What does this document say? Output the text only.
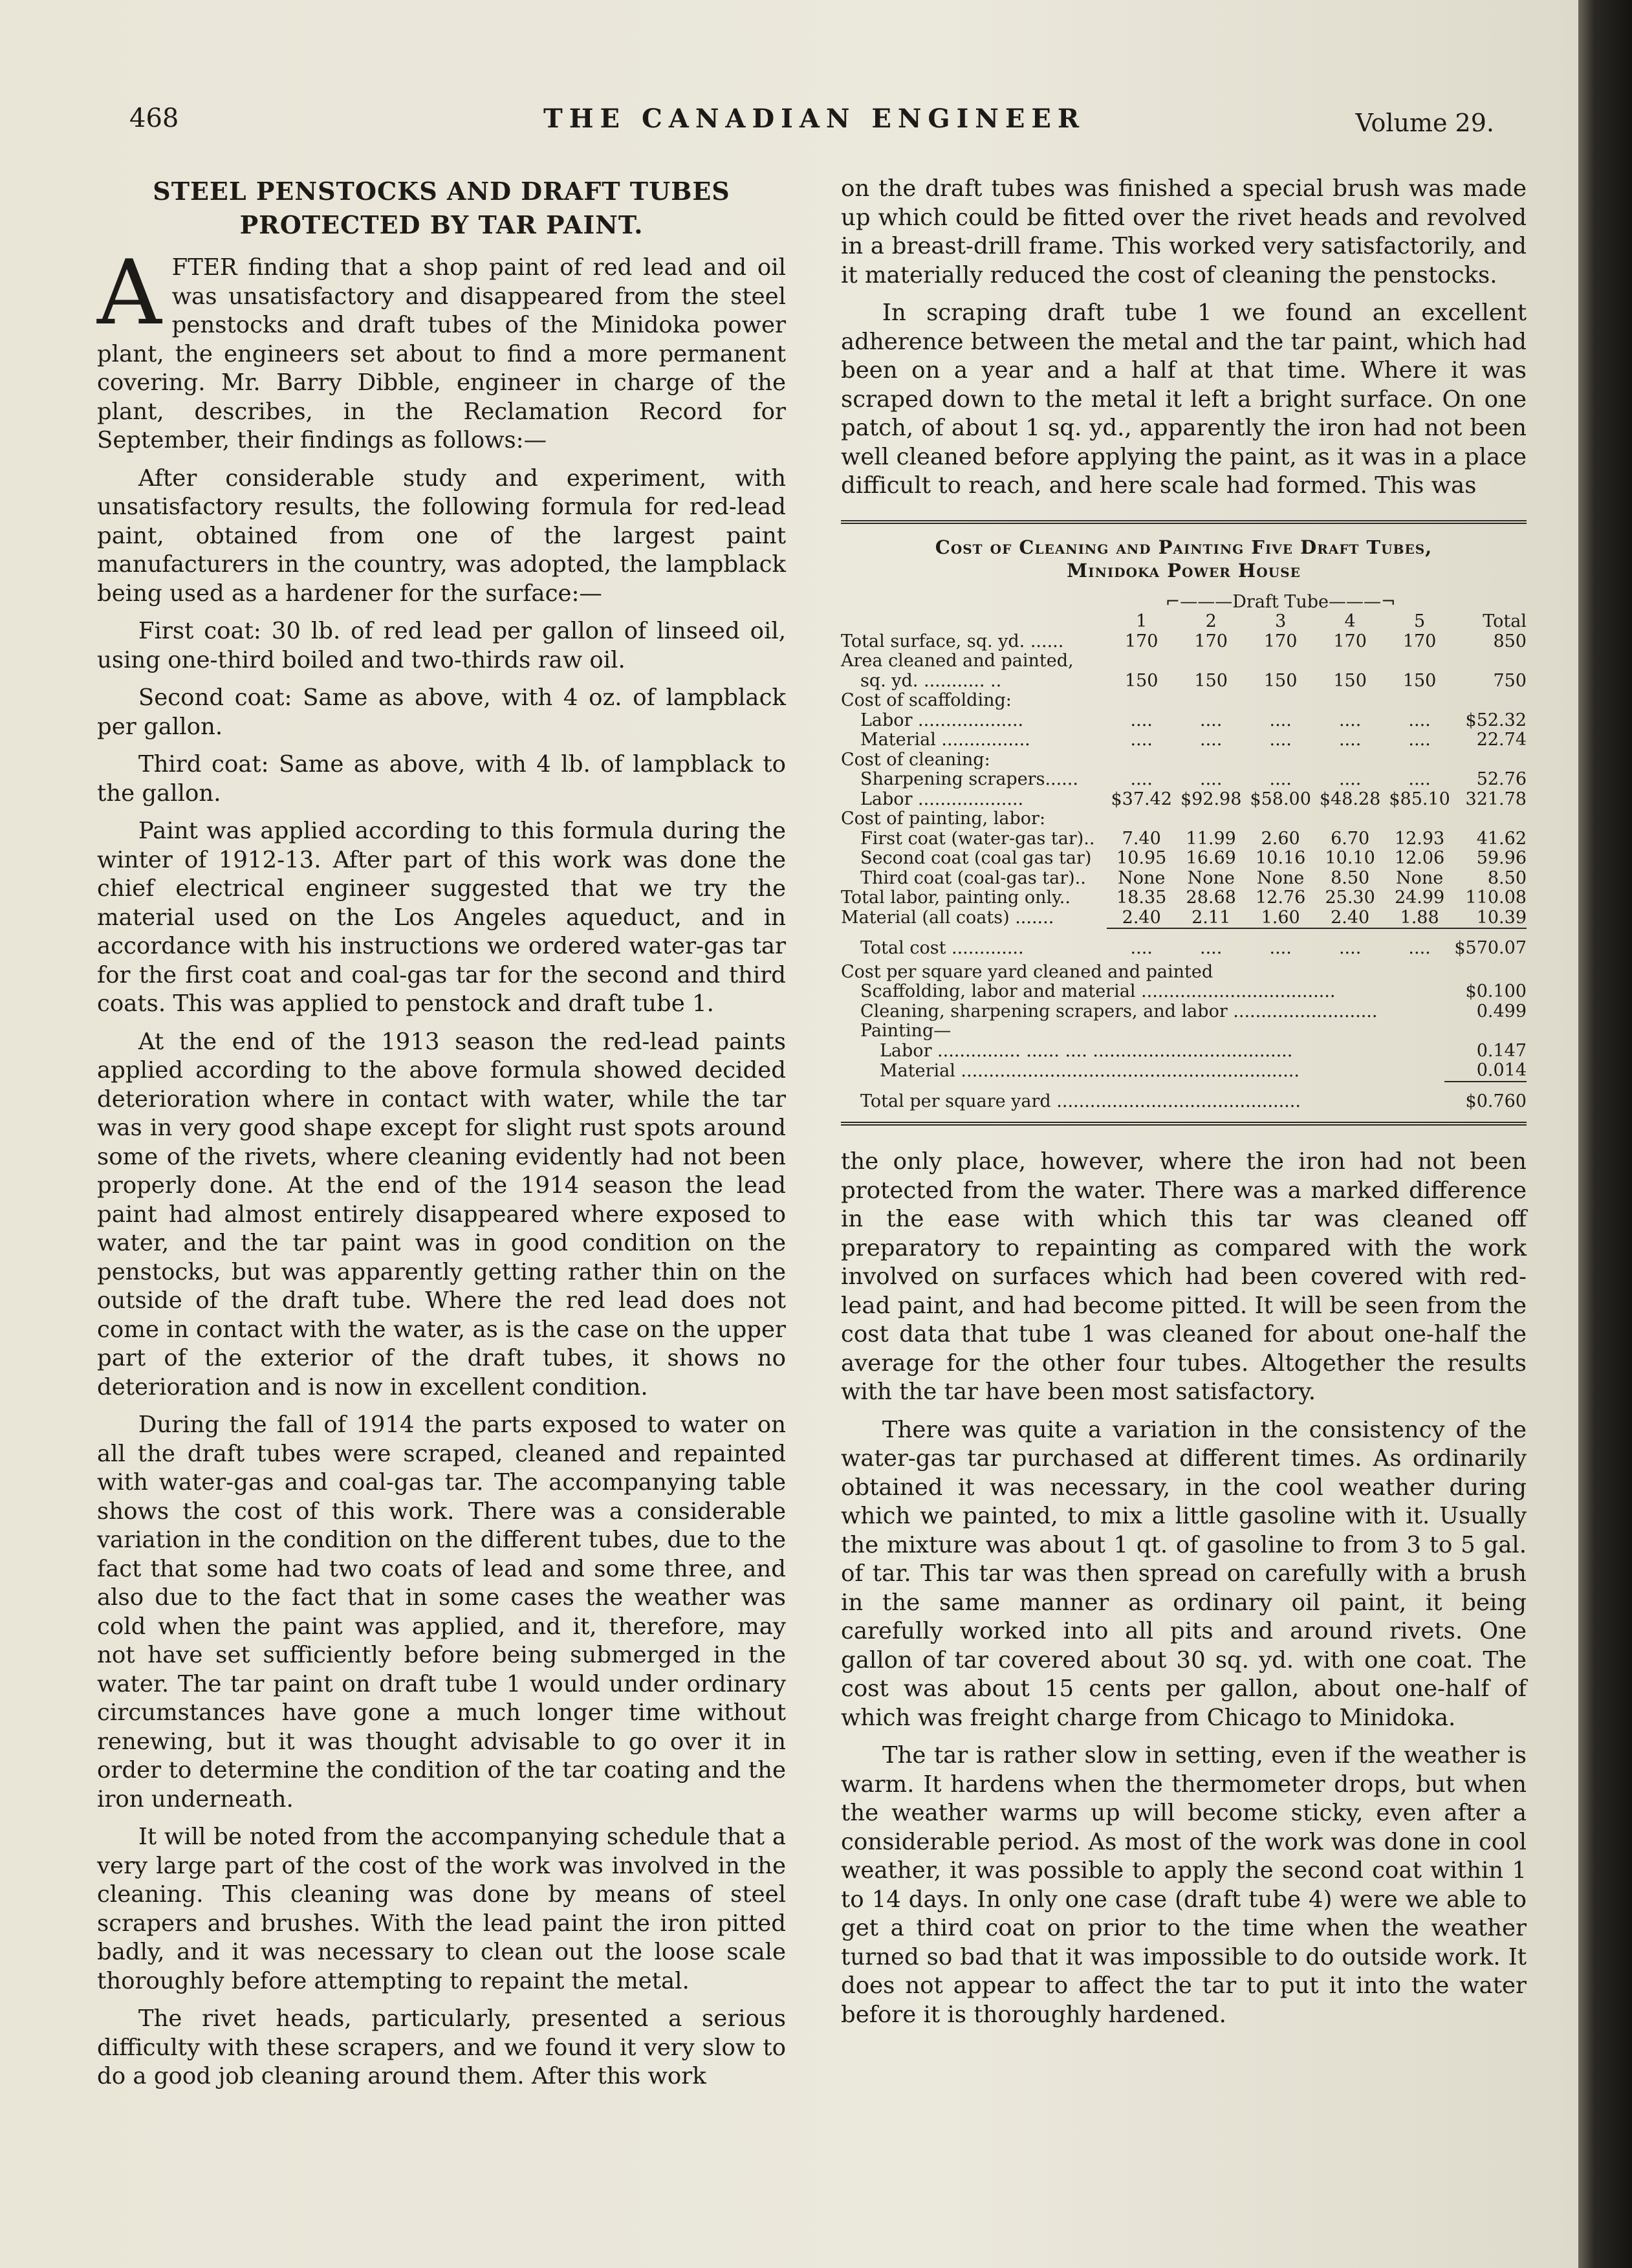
468	THE CANADIAN ENGINEER	Volume 29.
STEEL PENSTOCKS AND DRAFT TUBES
PROTECTED BY TAR PAINT.

AFTER finding that a shop paint of red lead and oil was unsatisfactory and disappeared from the steel penstocks and draft tubes of the Minidoka power plant, the engineers set about to find a more permanent covering. Mr. Barry Dibble, engineer in charge of the plant, describes, in the Reclamation Record for September, their findings as follows:—

After considerable study and experiment, with unsatisfactory results, the following formula for red-lead paint, obtained from one of the largest paint manufacturers in the country, was adopted, the lampblack being used as a hardener for the surface:—

First coat: 30 lb. of red lead per gallon of linseed oil, using one-third boiled and two-thirds raw oil.

Second coat: Same as above, with 4 oz. of lampblack per gallon.

Third coat: Same as above, with 4 lb. of lampblack to the gallon.

Paint was applied according to this formula during the winter of 1912-13. After part of this work was done the chief electrical engineer suggested that we try the material used on the Los Angeles aqueduct, and in accordance with his instructions we ordered water-gas tar for the first coat and coal-gas tar for the second and third coats. This was applied to penstock and draft tube 1.

At the end of the 1913 season the red-lead paints applied according to the above formula showed decided deterioration where in contact with water, while the tar was in very good shape except for slight rust spots around some of the rivets, where cleaning evidently had not been properly done. At the end of the 1914 season the lead paint had almost entirely disappeared where exposed to water, and the tar paint was in good condition on the penstocks, but was apparently getting rather thin on the outside of the draft tube. Where the red lead does not come in contact with the water, as is the case on the upper part of the exterior of the draft tubes, it shows no deterioration and is now in excellent condition.

During the fall of 1914 the parts exposed to water on all the draft tubes were scraped, cleaned and repainted with water-gas and coal-gas tar. The accompanying table shows the cost of this work. There was a considerable variation in the condition on the different tubes, due to the fact that some had two coats of lead and some three, and also due to the fact that in some cases the weather was cold when the paint was applied, and it, therefore, may not have set sufficiently before being submerged in the water. The tar paint on draft tube 1 would under ordinary circumstances have gone a much longer time without renewing, but it was thought advisable to go over it in order to determine the condition of the tar coating and the iron underneath.

It will be noted from the accompanying schedule that a very large part of the cost of the work was involved in the cleaning. This cleaning was done by means of steel scrapers and brushes. With the lead paint the iron pitted badly, and it was necessary to clean out the loose scale thoroughly before attempting to repaint the metal.

The rivet heads, particularly, presented a serious difficulty with these scrapers, and we found it very slow to do a good job cleaning around them. After this work

on the draft tubes was finished a special brush was made up which could be fitted over the rivet heads and revolved in a breast-drill frame. This worked very satisfactorily, and it materially reduced the cost of cleaning the penstocks.

In scraping draft tube 1 we found an excellent adherence between the metal and the tar paint, which had been on a year and a half at that time. Where it was scraped down to the metal it left a bright surface. On one patch, of about 1 sq. yd., apparently the iron had not been well cleaned before applying the paint, as it was in a place difficult to reach, and here scale had formed. This was

Cost of Cleaning and Painting Five Draft Tubes,
Minidoka Power House
	⌐———Draft Tube———¬					
	1	2	3	4	5	Total
Total surface, sq. yd. ......	170	170	170	170	170	850
Area cleaned and painted,						
sq. yd. ........... ..	150	150	150	150	150	750
Cost of scaffolding:						
Labor ...................	....	....	....	....	....	$52.32
Material ................	....	....	....	....	....	22.74
Cost of cleaning:						
Sharpening scrapers......	....	....	....	....	....	52.76
Labor ...................	$37.42	$92.98	$58.00	$48.28	$85.10	321.78
Cost of painting, labor:						
First coat (water-gas tar)..	7.40	11.99	2.60	6.70	12.93	41.62
Second coat (coal gas tar)	10.95	16.69	10.16	10.10	12.06	59.96
Third coat (coal-gas tar)..	None	None	None	8.50	None	8.50
Total labor, painting only..	18.35	28.68	12.76	25.30	24.99	110.08
Material (all coats) .......	2.40	2.11	1.60	2.40	1.88	10.39

Total cost .............	....	....	....	....	....	$570.07
Cost per square yard cleaned and painted	
Scaffolding, labor and material ...................................	$0.100
Cleaning, sharpening scrapers, and labor ..........................	0.499
Painting—	
Labor ............... ...... .... ....................................	0.147
Material .............................................................	0.014

Total per square yard ............................................	$0.760

the only place, however, where the iron had not been protected from the water. There was a marked difference in the ease with which this tar was cleaned off preparatory to repainting as compared with the work involved on surfaces which had been covered with red-lead paint, and had become pitted. It will be seen from the cost data that tube 1 was cleaned for about one-half the average for the other four tubes. Altogether the results with the tar have been most satisfactory.

There was quite a variation in the consistency of the water-gas tar purchased at different times. As ordinarily obtained it was necessary, in the cool weather during which we painted, to mix a little gasoline with it. Usually the mixture was about 1 qt. of gasoline to from 3 to 5 gal. of tar. This tar was then spread on carefully with a brush in the same manner as ordinary oil paint, it being carefully worked into all pits and around rivets. One gallon of tar covered about 30 sq. yd. with one coat. The cost was about 15 cents per gallon, about one-half of which was freight charge from Chicago to Minidoka.

The tar is rather slow in setting, even if the weather is warm. It hardens when the thermometer drops, but when the weather warms up will become sticky, even after a considerable period. As most of the work was done in cool weather, it was possible to apply the second coat within 1 to 14 days. In only one case (draft tube 4) were we able to get a third coat on prior to the time when the weather turned so bad that it was impossible to do outside work. It does not appear to affect the tar to put it into the water before it is thoroughly hardened.
